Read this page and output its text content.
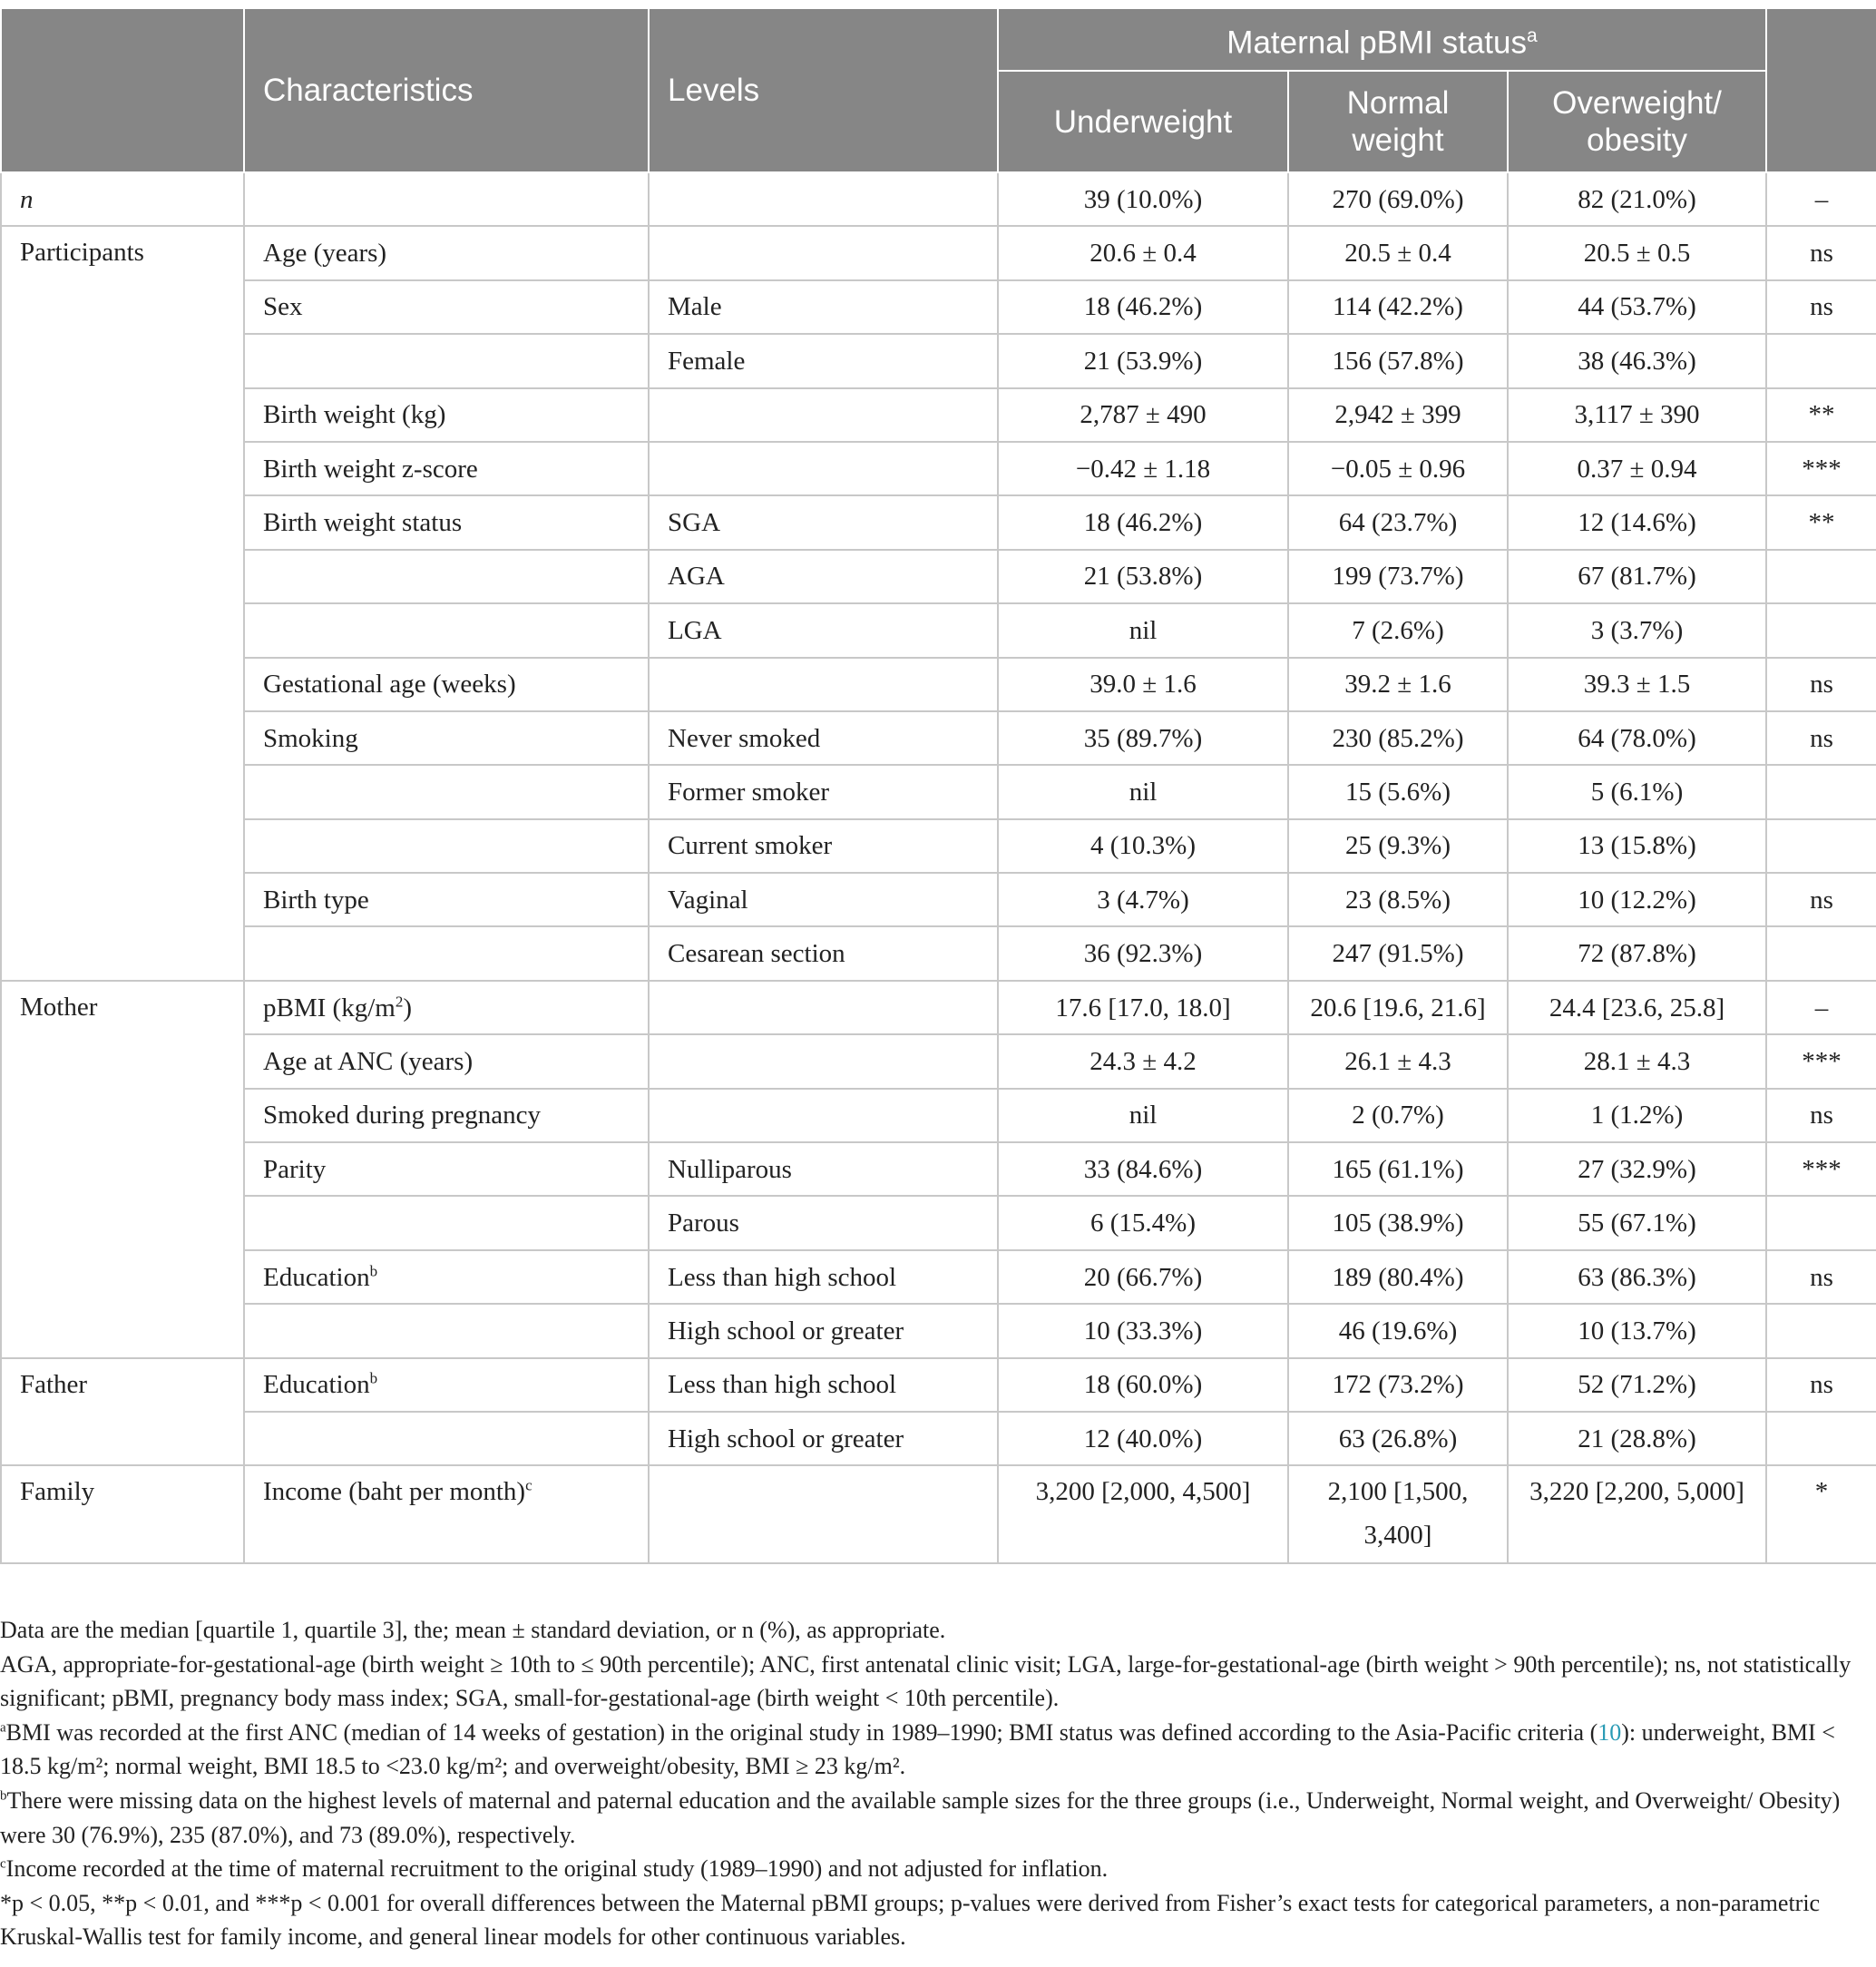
	Characteristics	Levels	Maternal pBMI status$^a$	
			Underweight	Normal weight	Overweight/ obesity	

n			39 (10.0%)	270 (69.0%)	82 (21.0%)	–
Participants	Age (years)		20.6 ± 0.4	20.5 ± 0.4	20.5 ± 0.5	ns
	Sex	Male	18 (46.2%)	114 (42.2%)	44 (53.7%)	ns
		Female	21 (53.9%)	156 (57.8%)	38 (46.3%)	
	Birth weight (kg)		2,787 ± 490	2,942 ± 399	3,117 ± 390	**
	Birth weight z-score		−0.42 ± 1.18	−0.05 ± 0.96	0.37 ± 0.94	***
	Birth weight status	SGA	18 (46.2%)	64 (23.7%)	12 (14.6%)	**
		AGA	21 (53.8%)	199 (73.7%)	67 (81.7%)	
		LGA	nil	7 (2.6%)	3 (3.7%)	
	Gestational age (weeks)		39.0 ± 1.6	39.2 ± 1.6	39.3 ± 1.5	ns
	Smoking	Never smoked	35 (89.7%)	230 (85.2%)	64 (78.0%)	ns
		Former smoker	nil	15 (5.6%)	5 (6.1%)	
		Current smoker	4 (10.3%)	25 (9.3%)	13 (15.8%)	
	Birth type	Vaginal	3 (4.7%)	23 (8.5%)	10 (12.2%)	ns
		Cesarean section	36 (92.3%)	247 (91.5%)	72 (87.8%)	
Mother	pBMI $(kg/m^2)$		17.6 [17.0, 18.0]	20.6 [19.6, 21.6]	24.4 [23.6, 25.8]	–
	Age at ANC (years)		24.3 ± 4.2	26.1 ± 4.3	28.1 ± 4.3	***
	Smoked during pregnancy		nil	2 (0.7%)	1 (1.2%)	ns
	Parity	Nulliparous	33 (84.6%)	165 (61.1%)	27 (32.9%)	***
		Parous	6 (15.4%)	105 (38.9%)	55 (67.1%)	
	Education$^b$	Less than high school	20 (66.7%)	189 (80.4%)	63 (86.3%)	ns
		High school or greater	10 (33.3%)	46 (19.6%)	10 (13.7%)	
Father	Education$^b$	Less than high school	18 (60.0%)	172 (73.2%)	52 (71.2%)	ns
		High school or greater	12 (40.0%)	63 (26.8%)	21 (28.8%)	
Family	Income (baht per month)$^c$		3,200 [2,000, 4,500]	2,100 [1,500, 3,400]	3,220 [2,200, 5,000]	*

Data are the median [quartile 1, quartile 3], the; mean ± standard deviation, or n (%), as appropriate.

AGA, appropriate-for-gestational-age (birth weight ≥ 10th to ≤ 90th percentile); ANC, first antenatal clinic visit; LGA, large-for-gestational-age (birth weight > 90th percentile); ns, not statistically significant; pBMI, pregnancy body mass index; SGA, small-for-gestational-age (birth weight < 10th percentile).

$^a$BMI was recorded at the first ANC (median of 14 weeks of gestation) in the original study in 1989–1990; BMI status was defined according to the Asia-Pacific criteria (10): underweight, BMI < 18.5 kg/m²; normal weight, BMI 18.5 to <23.0 kg/m²; and overweight/obesity, BMI ≥ 23 kg/m².

$^b$There were missing data on the highest levels of maternal and paternal education and the available sample sizes for the three groups (i.e., Underweight, Normal weight, and Overweight/ Obesity) were 30 (76.9%), 235 (87.0%), and 73 (89.0%), respectively.

$^c$Income recorded at the time of maternal recruitment to the original study (1989–1990) and not adjusted for inflation.

*p < 0.05, **p < 0.01, and ***p < 0.001 for overall differences between the Maternal pBMI groups; p-values were derived from Fisher’s exact tests for categorical parameters, a non-parametric Kruskal-Wallis test for family income, and general linear models for other continuous variables.
